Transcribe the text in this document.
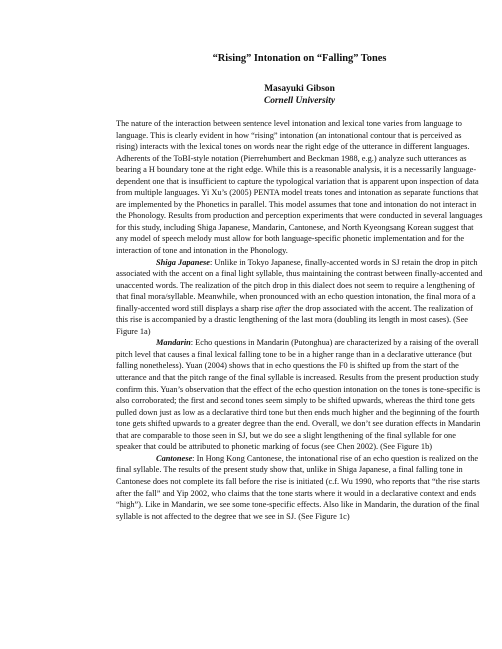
“Rising” Intonation on “Falling” Tones

Masayuki Gibson

Cornell University

The nature of the interaction between sentence level intonation and lexical tone varies from language to language. This is clearly evident in how “rising” intonation (an intonational contour that is perceived as rising) interacts with the lexical tones on words near the right edge of the utterance in different languages. Adherents of the ToBI-style notation (Pierrehumbert and Beckman 1988, e.g.) analyze such utterances as bearing a H boundary tone at the right edge. While this is a reasonable analysis, it is a necessarily language-dependent one that is insufficient to capture the typological variation that is apparent upon inspection of data from multiple languages. Yi Xu’s (2005) PENTA model treats tones and intonation as separate functions that are implemented by the Phonetics in parallel. This model assumes that tone and intonation do not interact in the Phonology. Results from production and perception experiments that were conducted in several languages for this study, including Shiga Japanese, Mandarin, Cantonese, and North Kyeongsang Korean suggest that any model of speech melody must allow for both language-specific phonetic implementation and for the interaction of tone and intonation in the Phonology.

Shiga Japanese: Unlike in Tokyo Japanese, finally-accented words in SJ retain the drop in pitch associated with the accent on a final light syllable, thus maintaining the contrast between finally-accented and unaccented words. The realization of the pitch drop in this dialect does not seem to require a lengthening of that final mora/syllable. Meanwhile, when pronounced with an echo question intonation, the final mora of a finally-accented word still displays a sharp rise after the drop associated with the accent. The realization of this rise is accompanied by a drastic lengthening of the last mora (doubling its length in most cases). (See Figure 1a)

Mandarin: Echo questions in Mandarin (Putonghua) are characterized by a raising of the overall pitch level that causes a final lexical falling tone to be in a higher range than in a declarative utterance (but falling nonetheless). Yuan (2004) shows that in echo questions the F0 is shifted up from the start of the utterance and that the pitch range of the final syllable is increased. Results from the present production study confirm this. Yuan’s observation that the effect of the echo question intonation on the tones is tone-specific is also corroborated; the first and second tones seem simply to be shifted upwards, whereas the third tone gets pulled down just as low as a declarative third tone but then ends much higher and the beginning of the fourth tone gets shifted upwards to a greater degree than the end. Overall, we don’t see duration effects in Mandarin that are comparable to those seen in SJ, but we do see a slight lengthening of the final syllable for one speaker that could be attributed to phonetic marking of focus (see Chen 2002). (See Figure 1b)

Cantonese: In Hong Kong Cantonese, the intonational rise of an echo question is realized on the final syllable. The results of the present study show that, unlike in Shiga Japanese, a final falling tone in Cantonese does not complete its fall before the rise is initiated (c.f. Wu 1990, who reports that “the rise starts after the fall” and Yip 2002, who claims that the tone starts where it would in a declarative context and ends “high”). Like in Mandarin, we see some tone-specific effects. Also like in Mandarin, the duration of the final syllable is not affected to the degree that we see in SJ. (See Figure 1c)
